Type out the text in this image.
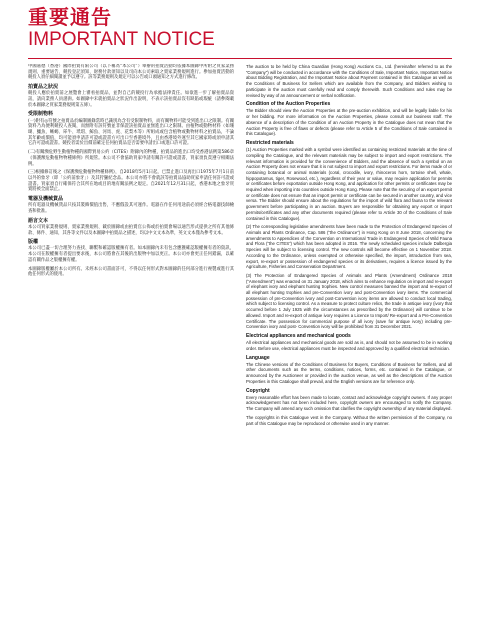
重要通告
IMPORTANT NOTICE

中國嘉德（香港）國際拍賣有限公司（以下稱為“本公司”）舉辦的拍賣活動均依據本圖錄中所附之買家業務規則、重要通告、競投登記須知、財務付款須知以及司向本公司索取之賣家業務規則進行。參加拍賣活動的競投人須仔細閱讀並予以遵守。該等業務規則及規定可以公告或口頭通知之方式進行修改。

拍賣品之狀況

競投人應於拍賣前之展覽會上審看拍賣品，並對自己的競投行為承擔法律責任。如欲進一步了解拍賣品資訊，請向業務人員諮詢。如圖錄中未就拍賣品之狀況作出說明，不表示該拍賣品沒有缺陷或瑕疵（請參閱載於本圖錄之買家業務規則第五條）。

受限制物料

(一)附有◎符號之拍賣品於編制圖錄當時已識別為含有受限制物料，而有關物料可能受到進出口之限制。有關資料乃為便利競投人查閱，而無附有該符號並非保證該拍賣品並無進出口之限制。由植物或動物材料（如珊瑚、鱷魚、蜥蜴、犀牛、玳瑁、鯨魚、河馬、虎、花梨木等）所組成或包含植物或動物材料之拍賣品，不論其年齡或價值，均可能須申請許可證或證書方可出口至香港境外，且由香港境外運至其它國家時或須申請其它許可證或證書。競投者需於出價前確定任何拍賣品是否需要申請出口或進口許可證。

(二)有關瀕危野生動植物種的國際貿易公約（CITES）附錄內的物種，拍賣品的進出口均受香港法例第586章《保護瀕危動植物物種條例》所規管。本公司不會協助買家申請有關許可證或證書，買家須負責遵守相關法例。

(三)根據修訂後之《保護瀕危動植物物種條例》，自2018年5月1日起，已禁止進口及再出口1975年7月1日前以外的象牙（即「公約前象牙」）及其狩獵紀念品。本公司亦將不會就該等拍賣品協助買家申請任何許可證或證書。買家須自行確保符合其所在地或目的地有關法例之規定。自2021年12月31日起，香港本地之象牙買賣將被全面禁止。

電器及機械貨品

所有電器及機械貨品只按其裝飾價值出售，不應假設其可運作。電器在作任何用途前必須經合格電器技師檢查和批准。

語言文本

本公司買家業務規則、賣家業務規則、載於圖錄或由拍賣官公佈或於拍賣會場以通告形式提供之所有其他條款、條件、通知，其各等文件以及本圖錄中拍賣品之描述，均以中文文本為準，英文文本僅為參考文本。

版權

本公司已盡一切合理努力查找、聯繫和確認版權擁有者。如本圖錄內未有包含應獲確認版權擁有者的資訊，本公司在版權擁有者提出要求後，本公司將會在其後的出版物中加以更正。本公司亦會更正任何錯漏，以確認有關作品之版權擁有權。

本圖錄版權屬於本公司所有。未經本公司書面許可，不得以任何形式對本圖錄的任何部分進行複製或進行其他任何形式的使用。

The auction to be held by China Guardian (Hong Kong) Auctions Co., Ltd. (hereinafter referred to as the “Company”) will be conducted in accordance with the Conditions of Sale, Important Notice, Important Notice about Bidding Registration, and the Important Notice about Payment contained in this Catalogue as well as the Conditions of Business for Sellers which are available from the Company, and Bidders wishing to participate in the auction must carefully read and comply therewith. Such Conditions and rules may be revised by way of an announcement or verbal notification.

Condition of the Auction Properties

The Bidder should view the Auction Properties at the pre-auction exhibition, and will be legally liable for his or her bidding. For more information on the Auction Properties, please consult our business staff. The absence of a description of the Condition of an Auction Property in the Catalogue does not mean that the Auction Property is free of flaws or defects (please refer to Article 5 of the Conditions of Sale contained in this Catalogue).

Restricted materials

(1) Auction Properties marked with a symbol were identified as containing restricted materials at the time of compiling the Catalogue, and the relevant materials may be subject to import and export restrictions. The relevant information is provided for the convenience of Bidders, and the absence of such a symbol on an Auction Property does not ensure that it is not subject to import and export restrictions. For items made of or containing botanical or animal materials (coral, crocodile, ivory, rhinoceros horn, tortoise shell, whale, hippopotamus, tiger, Rosewood, etc.), regardless of their year or value, may require application for permits or certificates before exportation outside Hong Kong, and application for other permits or certificates may be required when importing into countries outside Hong Kong. Please note that the securing of an export permit or certificate does not ensure that an import permit or certificate can be secured in another country, and vice versa. The Bidder should ensure about the regulations for the import of wild flora and fauna to the relevant government before participating in an auction. Buyers are responsible for obtaining any export or import permits/certificates and any other documents required (please refer to Article 30 of the Conditions of Sale contained in this Catalogue).

(2) The corresponding legislative amendments have been made to the Protection of Endangered Species of Animals and Plants Ordinance, Cap. 586 (“the Ordinance”) in Hong Kong on 8 June 2018, concerning the amendments to Appendices of the Convention on International Trade in Endangered Species of Wild Fauna and Flora (“the CITES”) which has been adopted in 2016. The newly scheduled species include Dalbergia Species will be subject to licensing control. The new controls will become effective on 1 November 2018. According to the Ordinance, unless exempted or otherwise specified, the import, introduction from sea, export, re-export or possession of endangered species or its derivatives, requires a licence issued by the Agriculture, Fisheries and Conservation Department.

(3) The Protection of Endangered Species of Animals and Plants (Amendment) Ordinance 2018 (“Amendment”) was enacted on 31 January 2018, which aims to enhance regulation on import and re-export of elephant ivory and elephant hunting trophies. New control measures banned the import and re-export of all elephant hunting trophies and pre-Convention ivory and post-Convention ivory items. The commercial possession of pre-Convention ivory and post-Convention ivory items are allowed to conduct local trading, which subject to licensing control. As a measure to protect culture relics, the trade in antique ivory (ivory that occurred before 1 July 1925 with the circumstances as prescribed by the Ordinance) will continue to be allowed. Import and re-export of antique ivory requires a Licence to Import/ Re-export and a Pre-Convention Certificate. The possession for commercial purpose of all ivory (save for antique ivory) including pre-Convention ivory and post- Convention ivory will be prohibited from 31 December 2021.

Electrical appliances and mechanical goods

All electrical appliances and mechanical goods are sold as is, and should not be assumed to be in working order. Before use, electrical appliances must be inspected and approved by a qualified electrical technician.

Language

The Chinese versions of the Conditions of Business for Buyers, Conditions of Business for Sellers, and all other documents such as the terms, conditions, notices, forms, etc. contained in the Catalogue, or announced by the Auctioneer or provided in the auction venue, as well as the descriptions of the Auction Properties in this Catalogue shall prevail, and the English versions are for reference only.

Copyright

Every reasonable effort has been made to locate, contact and acknowledge copyright owners. If any proper acknowledgement has not been included here, copyright owners are encouraged to notify the Company. The Company will amend any such omission that clarifies the copyright ownership of any material displayed.

The copyrights in this Catalogue vest in the Company. Without the written permission of the Company, no part of this Catalogue may be reproduced or otherwise used in any manner.
